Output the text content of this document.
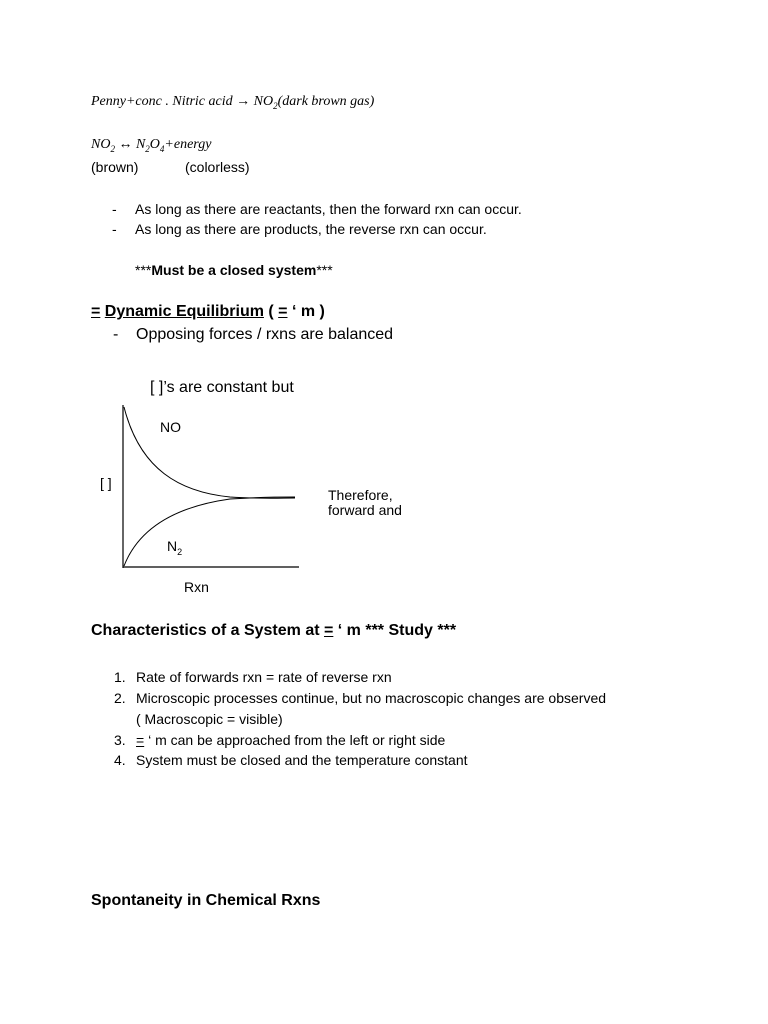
Penny+conc . Nitric acid → $NO_2(dark$ brown gas)
$NO_2$ ↔ $N_2O_4+energy$
(brown)	(colorless)
- As long as there are reactants, then the forward rxn can occur.
- As long as there are products, the reverse rxn can occur.
***Must be a closed system***
= Dynamic Equilibrium ( = ‘ m )
- Opposing forces / rxns are balanced
[ ]’s are constant but
NO
[ ]
$N_2$
Rxn
Therefore,
forward and
Characteristics of a System at = ‘ m *** Study ***
1. Rate of forwards rxn = rate of reverse rxn
2. Microscopic processes continue, but no macroscopic changes are observed
( Macroscopic = visible)
3. = ‘ m can be approached from the left or right side
4. System must be closed and the temperature constant
Spontaneity in Chemical Rxns
